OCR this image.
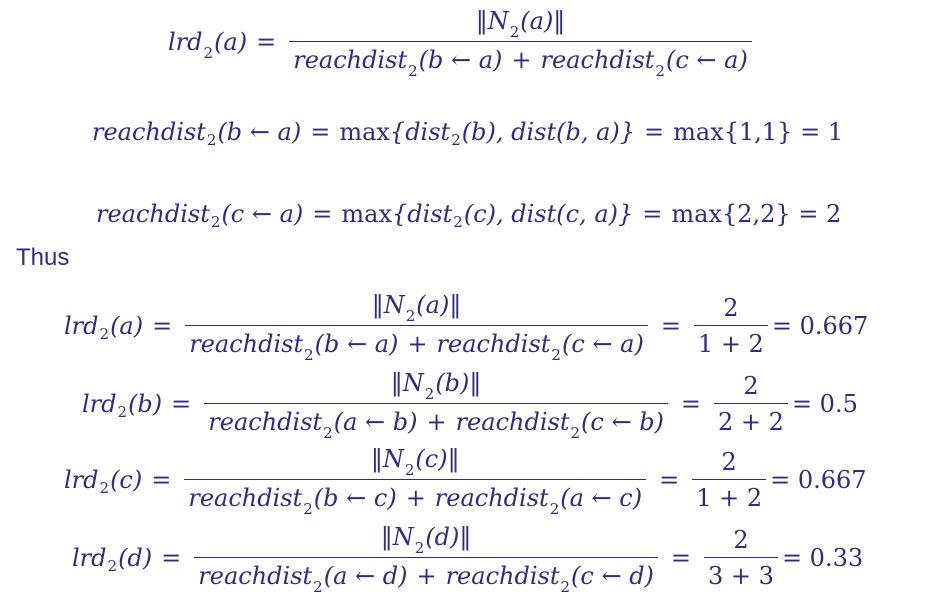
$lrd_2(a) = \frac{‖N_2(a)‖}{reachdist_2(b \leftarrow a) + reachdist_2(c \leftarrow a)}$
reachdist 2 (b ← a) = max {dist 2 (b), dist(b, a)} = max{1,1} = 1
reachdist 2 (c ← a) = max {dist 2 (c), dist(c, a)} = max{2,2} = 2
Thus
lrd 2 $(a) = \frac{‖N_2(a)‖}{reachdist_2(b \leftarrow a) + reachdist_2(c \leftarrow a)} = \frac{2}{1 + 2} = 0.667$
lrd 2 $(b) = \frac{‖N_2(b)‖}{reachdist_2(a \leftarrow b) + reachdist_2(c \leftarrow b)} = \frac{2}{2 + 2} = 0.5$
lrd 2 $(c) = \frac{‖N_2(c)‖}{reachdist_2(b \leftarrow c) + reachdist_2(a \leftarrow c)} = \frac{2}{1 + 2} = 0.667$
lrd 2 $(d) = \frac{‖N_2(d)‖}{reachdist_2(a \leftarrow d) + reachdist_2(c \leftarrow d)} = \frac{2}{3 + 3} = 0.33$
